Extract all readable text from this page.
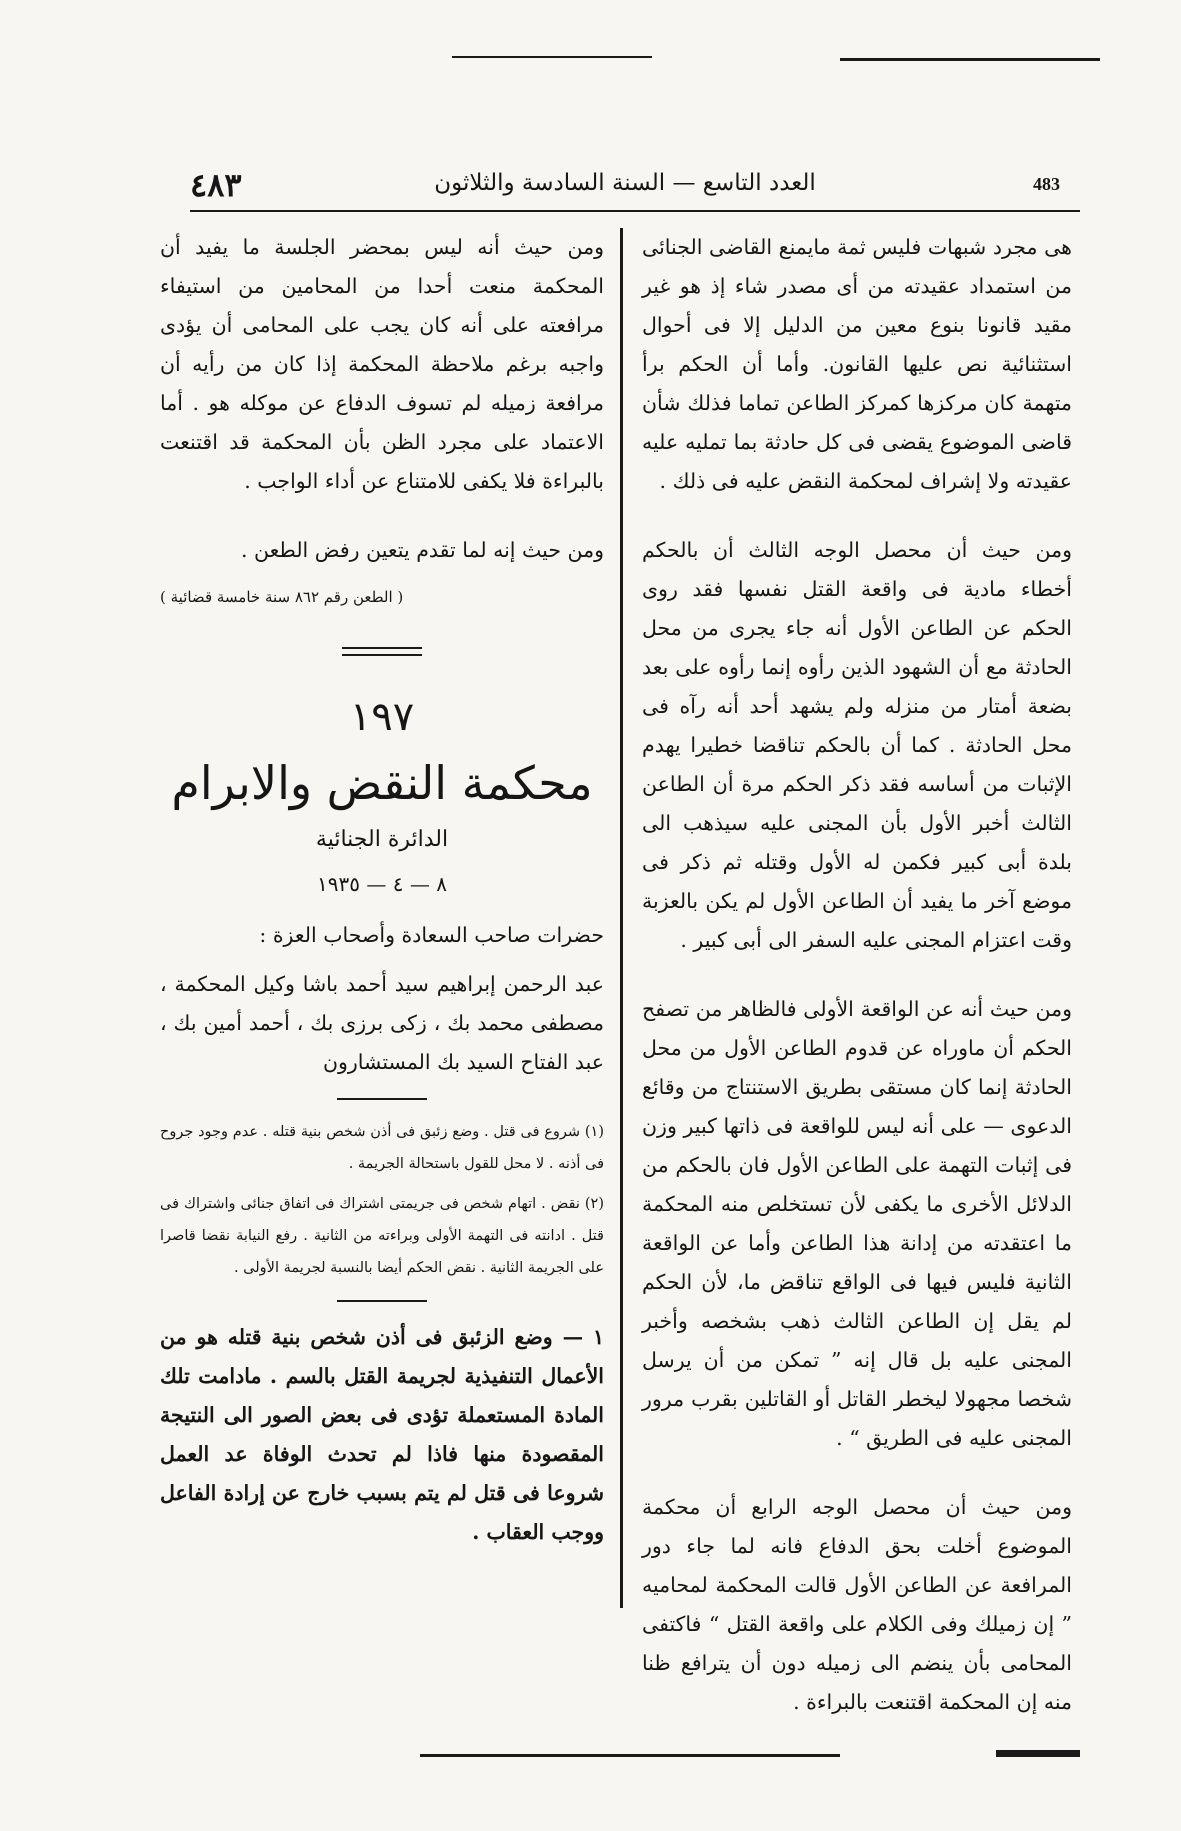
٤٨٣	العدد التاسع — السنة السادسة والثلاثون	483

هى مجرد شبهات فليس ثمة مايمنع القاضى الجنائى من استمداد عقيدته من أى مصدر شاء إذ هو غير مقيد قانونا بنوع معين من الدليل إلا فى أحوال استثنائية نص عليها القانون. وأما أن الحكم برأ متهمة كان مركزها كمركز الطاعن تماما فذلك شأن قاضى الموضوع يقضى فى كل حادثة بما تمليه عليه عقيدته ولا إشراف لمحكمة النقض عليه فى ذلك .

ومن حيث أن محصل الوجه الثالث أن بالحكم أخطاء مادية فى واقعة القتل نفسها فقد روى الحكم عن الطاعن الأول أنه جاء يجرى من محل الحادثة مع أن الشهود الذين رأوه إنما رأوه على بعد بضعة أمتار من منزله ولم يشهد أحد أنه رآه فى محل الحادثة . كما أن بالحكم تناقضا خطيرا يهدم الإثبات من أساسه فقد ذكر الحكم مرة أن الطاعن الثالث أخبر الأول بأن المجنى عليه سيذهب الى بلدة أبى كبير فكمن له الأول وقتله ثم ذكر فى موضع آخر ما يفيد أن الطاعن الأول لم يكن بالعزبة وقت اعتزام المجنى عليه السفر الى أبى كبير .

ومن حيث أنه عن الواقعة الأولى فالظاهر من تصفح الحكم أن ماوراه عن قدوم الطاعن الأول من محل الحادثة إنما كان مستقى بطريق الاستنتاج من وقائع الدعوى — على أنه ليس للواقعة فى ذاتها كبير وزن فى إثبات التهمة على الطاعن الأول فان بالحكم من الدلائل الأخرى ما يكفى لأن تستخلص منه المحكمة ما اعتقدته من إدانة هذا الطاعن وأما عن الواقعة الثانية فليس فيها فى الواقع تناقض ما، لأن الحكم لم يقل إن الطاعن الثالث ذهب بشخصه وأخبر المجنى عليه بل قال إنه ” تمكن من أن يرسل شخصا مجهولا ليخطر القاتل أو القاتلين بقرب مرور المجنى عليه فى الطريق “ .

ومن حيث أن محصل الوجه الرابع أن محكمة الموضوع أخلت بحق الدفاع فانه لما جاء دور المرافعة عن الطاعن الأول قالت المحكمة لمحاميه ” إن زميلك وفى الكلام على واقعة القتل “ فاكتفى المحامى بأن ينضم الى زميله دون أن يترافع ظنا منه إن المحكمة اقتنعت بالبراءة .

ومن حيث أنه ليس بمحضر الجلسة ما يفيد أن المحكمة منعت أحدا من المحامين من استيفاء مرافعته على أنه كان يجب على المحامى أن يؤدى واجبه برغم ملاحظة المحكمة إذا كان من رأيه أن مرافعة زميله لم تسوف الدفاع عن موكله هو . أما الاعتماد على مجرد الظن بأن المحكمة قد اقتنعت بالبراءة فلا يكفى للامتناع عن أداء الواجب .

ومن حيث إنه لما تقدم يتعين رفض الطعن .

( الطعن رقم ٨٦٢ سنة خامسة قضائية )
١٩٧
محكمة النقض والابرام
الدائرة الجنائية
٨ — ٤ — ١٩٣٥
حضرات صاحب السعادة وأصحاب العزة :
عبد الرحمن إبراهيم سيد أحمد باشا وكيل المحكمة ، مصطفى محمد بك ، زكى برزى بك ، أحمد أمين بك ، عبد الفتاح السيد بك المستشارون
(١) شروع فى قتل . وضع زئبق فى أذن شخص بنية قتله . عدم وجود جروح فى أذنه . لا محل للقول باستحالة الجريمة .
(٢) نقض . اتهام شخص فى جريمتى اشتراك فى اتفاق جنائى واشتراك فى قتل . ادانته فى التهمة الأولى وبراءته من الثانية . رفع النيابة نقضا قاصرا على الجريمة الثانية . نقض الحكم أيضا بالنسبة لجريمة الأولى .
١ — وضع الزئبق فى أذن شخص بنية قتله هو من الأعمال التنفيذية لجريمة القتل بالسم . مادامت تلك المادة المستعملة تؤدى فى بعض الصور الى النتيجة المقصودة منها فاذا لم تحدث الوفاة عد العمل شروعا فى قتل لم يتم بسبب خارج عن إرادة الفاعل ووجب العقاب .
